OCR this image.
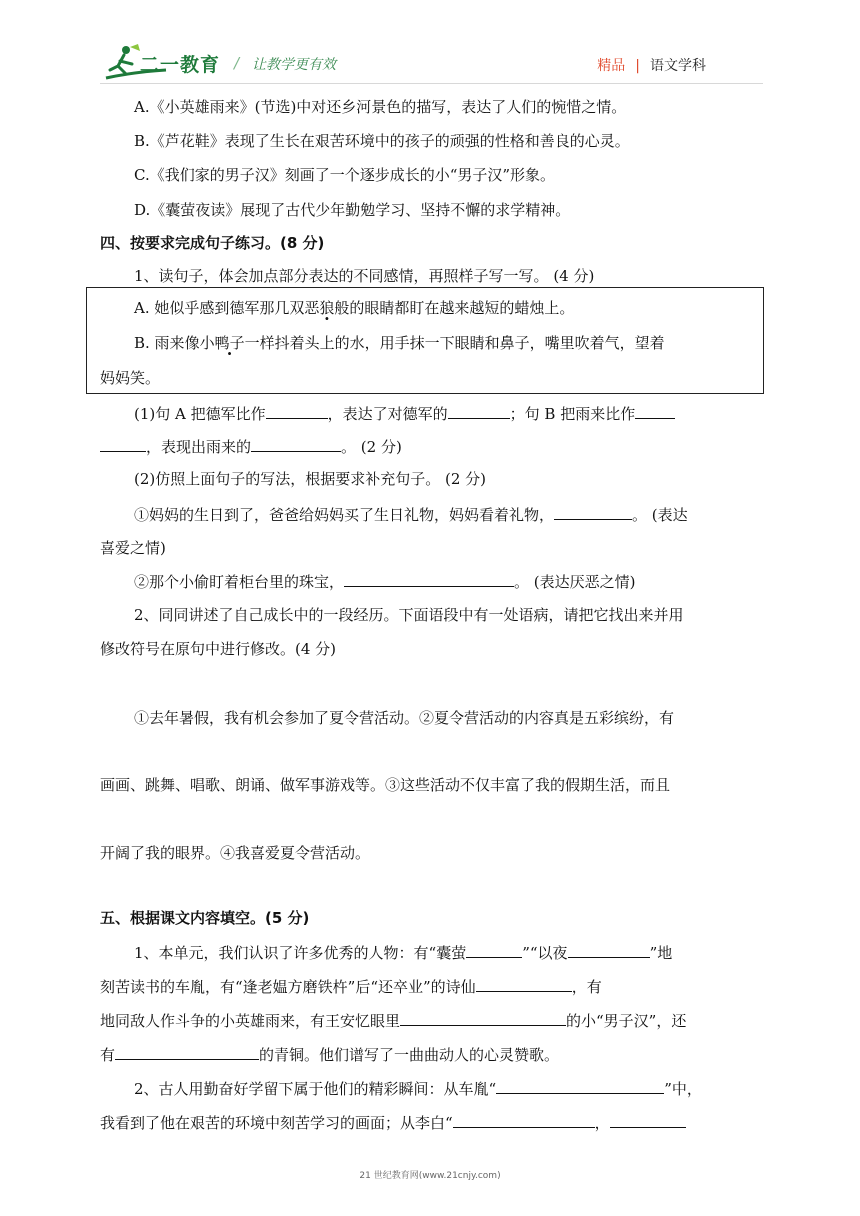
二一教育 / 让教学更有效	精品 | 语文学科
A.《小英雄雨来》(节选)中对还乡河景色的描写，表达了人们的惋惜之情。
B.《芦花鞋》表现了生长在艰苦环境中的孩子的顽强的性格和善良的心灵。
C.《我们家的男子汉》刻画了一个逐步成长的小“男子汉”形象。
D.《囊萤夜读》展现了古代少年勤勉学习、坚持不懈的求学精神。
四、按要求完成句子练习。(8 分)
1、读句子，体会加点部分表达的不同感情，再照样子写一写。 (4 分)
A. 她似乎感到德军那几双恶狼般的眼睛都盯在越来越短的蜡烛上。
B. 雨来像小鸭子一样 ·抖着头上的水，用手抹一下眼睛和鼻子，嘴里吹着气，望着
妈妈笑。
(1)句 A 把德军比作	，表达了对德军的	；句 B 把雨来比作
，表现出雨来的	。 (2 分)
(2)仿照上面句子的写法，根据要求补充句子。 (2 分)
①妈妈的生日到了，爸爸给妈妈买了生日礼物，妈妈看着礼物，	。 (表达
喜爱之情)
②那个小偷盯着柜台里的珠宝，	。 (表达厌恶之情)
2、同同讲述了自己成长中的一段经历。下面语段中有一处语病，请把它找出来并用
修改符号在原句中进行修改。(4 分)
①去年暑假，我有机会参加了夏令营活动。②夏令营活动的内容真是五彩缤纷，有
画画、跳舞、唱歌、朗诵、做军事游戏等。③这些活动不仅丰富了我的假期生活，而且
开阔了我的眼界。④我喜爱夏令营活动。
五、根据课文内容填空。(5 分)
1、本单元，我们认识了许多优秀的人物：有“囊萤	”“以夜	”地
刻苦读书的车胤，有“逢老媪方磨铁杵”后“还卒业”的诗仙	，有
地同敌人作斗争的小英雄雨来，有王安忆眼里	的小“男子汉”，还
有	的青铜。他们谱写了一曲曲动人的心灵赞歌。
2、古人用勤奋好学留下属于他们的精彩瞬间：从车胤“	”中，
我看到了他在艰苦的环境中刻苦学习的画面；从李白“	，
21 世纪教育网(www.21cnjy.com)
